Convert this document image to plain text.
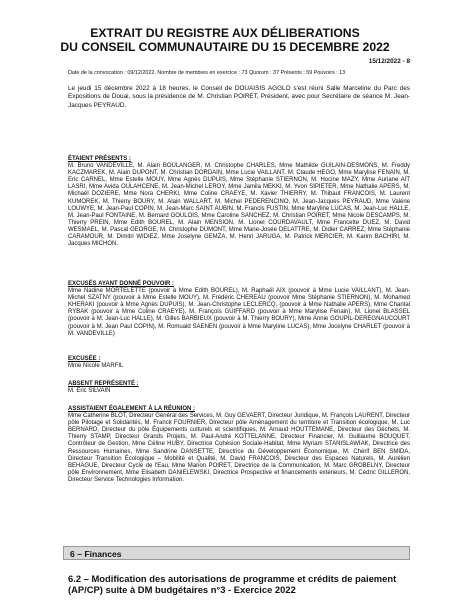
EXTRAIT DU REGISTRE AUX DÉLIBERATIONS
DU CONSEIL COMMUNAUTAIRE DU 15 DECEMBRE 2022
15/12/2022 - 8
Date de la convocation : 09/12/2022. Nombre de membres en exercice : 73 Quorum : 37 Présents : 59 Pouvoirs : 13
Le jeudi 15 décembre 2022 à 18 heures, le Conseil de DOUAISIS AGGLO s'est réuni Salle Marceline du Parc des Expositions de Douai, sous la présidence de M. Christian POIRET, Président, avec pour Secrétaire de séance M. Jean-Jacques PEYRAUD.
ÉTAIENT PRÉSENTS :
M. Bruno VANDEVILLE, M. Alain BOULANGER, M. Christophe CHARLES, Mme Mathilde GUILAIN-DESMONS, M. Freddy KACZMAREK, M. Alain DUPONT, M. Christian DORDAIN, Mme Lucie VAILLANT, M. Claude HEGO, Mme Marylise FENAIN, M. Eric CARNEL, Mme Estelle MOUY, Mme Agnès DUPUIS, Mme Stéphanie STIERNON, M. Hocine MAZY, Mme Auriane AIT LASRI, Mme Avida OULAHCENE, M. Jean-Michel LEROY, Mme Jamila MEKKI, M. Yvon SIPIETER, Mme Nathalie APERS, M. Michaël DOZIERE, Mme Nora CHERKI, Mme Coline CRAEYE, M. Xavier THIERRY, M. Thibaut FRANCOIS, M. Laurent KUMOREK, M. Thierry BOURY, M. Alain WALLART, M. Michel PEDERENCINO, M. Jean-Jacques PEYRAUD, Mme Valérie LOUWYE, M. Jean-Paul COPIN, M. Jean-Marc SAINT AUBIN, M. Francis FUSTIN, Mme Maryline LUCAS, M. Jean-Luc HALLE, M. Jean-Paul FONTAINE, M. Bernard GOULOIS, Mme Caroline SANCHEZ, M. Christian POIRET, Mme Nicole DESCAMPS, M. Thierry PREIN, Mme Edith BOUREL, M. Alain MENSION, M. Lionel COURDAVAULT, Mme Francette DUEZ, M. David WESMAEL, M. Pascal GEORGE, M. Christophe DUMONT, Mme Marie-Josée DELATTRE, M. Didier CARREZ, Mme Stéphanie CARAMOUR, M. Dimitri WIDIEZ, Mme Joselyne GEMZA, M. Henri JARUGA, M. Patrick MERCIER, M. Karim BACHIRI, M. Jacques MICHON.
EXCUSÉS AYANT DONNÉ POUVOIR :
Mme Nadine MORTELETTE (pouvoir à Mme Edith BOUREL), M. Raphaël AIX (pouvoir à Mme Lucie VAILLANT), M. Jean-Michel SZATNY (pouvoir à Mme Estelle MOUY), M. Frédéric CHEREAU (pouvoir Mme Stéphanie STIERNON), M. Mohamed KHERAKI (pouvoir à Mme Agnès DUPUIS), M. Jean-Christophe LECLERCQ, (pouvoir à Mme Nathalie APERS), Mme Chantal RYBAK (pouvoir à Mme Coline CRAEYE), M. François GUIFFARD (pouvoir à Mme Marylise Fenain), M. Lionel BLASSEL (pouvoir à M. Jean-Luc HALLE), M. Gilles BARBIEUX (pouvoir à M. Thierry BOURY), Mme Annie GOUPIL-DEREGNAUCOURT (pouvoir à M. Jean Paul COPIN), M. Romuald SAENEN (pouvoir à Mme Maryline LUCAS), Mme Jocelyne CHARLET (pouvoir à M. VANDEVILLE)
EXCUSÉE :
Mme Nicole MARFIL
ABSENT REPRÉSENTÉ :
M. Eric SILVAIN
ASSISTAIENT ÉGALEMENT À LA RÉUNION :
Mme Catherine BLOT, Directeur Général des Services, M. Guy GEVAERT, Directeur Juridique, M. François LAURENT, Directeur pôle Pilotage et Solidarités, M. Franck FOURNIER, Directeur pôle Aménagement du territoire et Transition écologique, M. Luc BERNARD, Directeur du pôle Équipements culturels et scientifiques, M. Arnaud HOUTTEMANE, Directeur des Déchets, M. Thierry STAMP, Directeur Grands Projets, M. Paul-André KOTTELANNE, Directeur Financier, M. Guillaume BOUQUET, Contrôleur de Gestion, Mme Céline HUBY, Directrice Cohésion Sociale-Habitat, Mme Myriam STANISLAWIAK, Directrice des Ressources Humaines, Mme Sandrine DANSETTE, Directrice du Développement Économique, M. Chérif BEN SMIDA, Directeur Transition Écologique – Mobilité et Qualité, M. David FRANCOIS, Directeur des Espaces Naturels, M. Aurélien BEHAGUE, Directeur Cycle de l'Eau, Mme Marion POIRET, Directrice de la Communication, M. Marc GROBELNY, Directeur pôle Environnement, Mme Elisabeth DANIELEWSKI, Directrice Prospective et financements extérieurs, M. Cédric GILLERON, Directeur Service Technologies Information.
6 – Finances
6.2 – Modification des autorisations de programme et crédits de paiement (AP/CP) suite à DM budgétaires n°3 - Exercice 2022
